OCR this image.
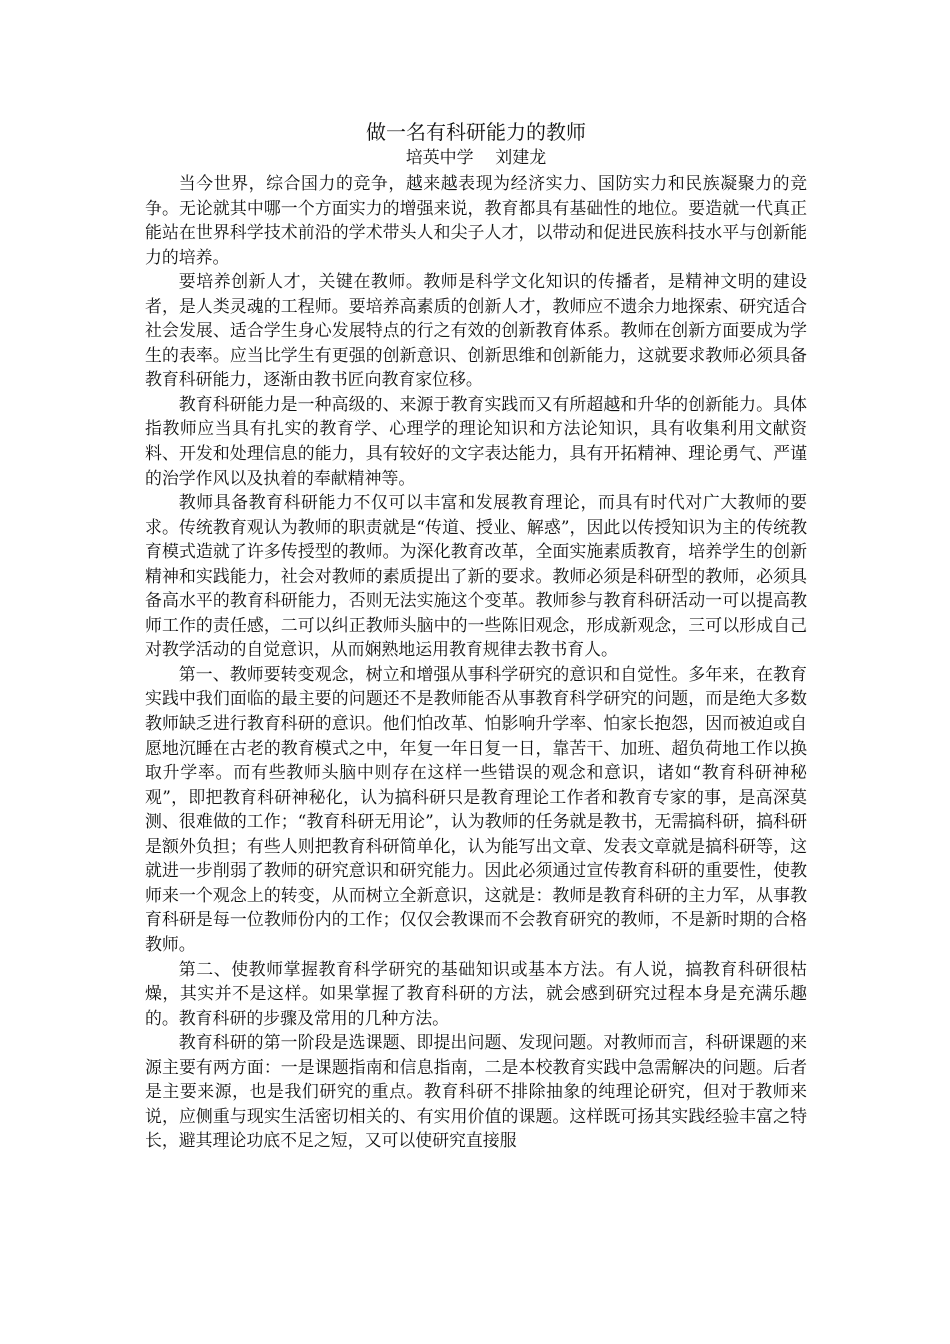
做一名有科研能力的教师
培英中学    刘建龙

当今世界，综合国力的竞争，越来越表现为经济实力、国防实力和民族凝聚力的竞争。无论就其中哪一个方面实力的增强来说，教育都具有基础性的地位。要造就一代真正能站在世界科学技术前沿的学术带头人和尖子人才，以带动和促进民族科技水平与创新能力的培养。

要培养创新人才，关键在教师。教师是科学文化知识的传播者，是精神文明的建设者，是人类灵魂的工程师。要培养高素质的创新人才，教师应不遗余力地探索、研究适合社会发展、适合学生身心发展特点的行之有效的创新教育体系。教师在创新方面要成为学生的表率。应当比学生有更强的创新意识、创新思维和创新能力，这就要求教师必须具备教育科研能力，逐渐由教书匠向教育家位移。

教育科研能力是一种高级的、来源于教育实践而又有所超越和升华的创新能力。具体指教师应当具有扎实的教育学、心理学的理论知识和方法论知识，具有收集利用文献资料、开发和处理信息的能力，具有较好的文字表达能力，具有开拓精神、理论勇气、严谨的治学作风以及执着的奉献精神等。

教师具备教育科研能力不仅可以丰富和发展教育理论，而具有时代对广大教师的要求。传统教育观认为教师的职责就是“传道、授业、解惑”，因此以传授知识为主的传统教育模式造就了许多传授型的教师。为深化教育改革，全面实施素质教育，培养学生的创新精神和实践能力，社会对教师的素质提出了新的要求。教师必须是科研型的教师，必须具备高水平的教育科研能力，否则无法实施这个变革。教师参与教育科研活动一可以提高教师工作的责任感，二可以纠正教师头脑中的一些陈旧观念，形成新观念，三可以形成自己对教学活动的自觉意识，从而娴熟地运用教育规律去教书育人。

第一、教师要转变观念，树立和增强从事科学研究的意识和自觉性。多年来，在教育实践中我们面临的最主要的问题还不是教师能否从事教育科学研究的问题，而是绝大多数教师缺乏进行教育科研的意识。他们怕改革、怕影响升学率、怕家长抱怨，因而被迫或自愿地沉睡在古老的教育模式之中，年复一年日复一日，靠苦干、加班、超负荷地工作以换取升学率。而有些教师头脑中则存在这样一些错误的观念和意识，诸如“教育科研神秘观”，即把教育科研神秘化，认为搞科研只是教育理论工作者和教育专家的事，是高深莫测、很难做的工作；“教育科研无用论”，认为教师的任务就是教书，无需搞科研，搞科研是额外负担；有些人则把教育科研简单化，认为能写出文章、发表文章就是搞科研等，这就进一步削弱了教师的研究意识和研究能力。因此必须通过宣传教育科研的重要性，使教师来一个观念上的转变，从而树立全新意识，这就是：教师是教育科研的主力军，从事教育科研是每一位教师份内的工作；仅仅会教课而不会教育研究的教师，不是新时期的合格教师。

第二、使教师掌握教育科学研究的基础知识或基本方法。有人说，搞教育科研很枯燥，其实并不是这样。如果掌握了教育科研的方法，就会感到研究过程本身是充满乐趣的。教育科研的步骤及常用的几种方法。

教育科研的第一阶段是选课题、即提出问题、发现问题。对教师而言，科研课题的来源主要有两方面：一是课题指南和信息指南，二是本校教育实践中急需解决的问题。后者是主要来源，也是我们研究的重点。教育科研不排除抽象的纯理论研究，但对于教师来说，应侧重与现实生活密切相关的、有实用价值的课题。这样既可扬其实践经验丰富之特长，避其理论功底不足之短，又可以使研究直接服
